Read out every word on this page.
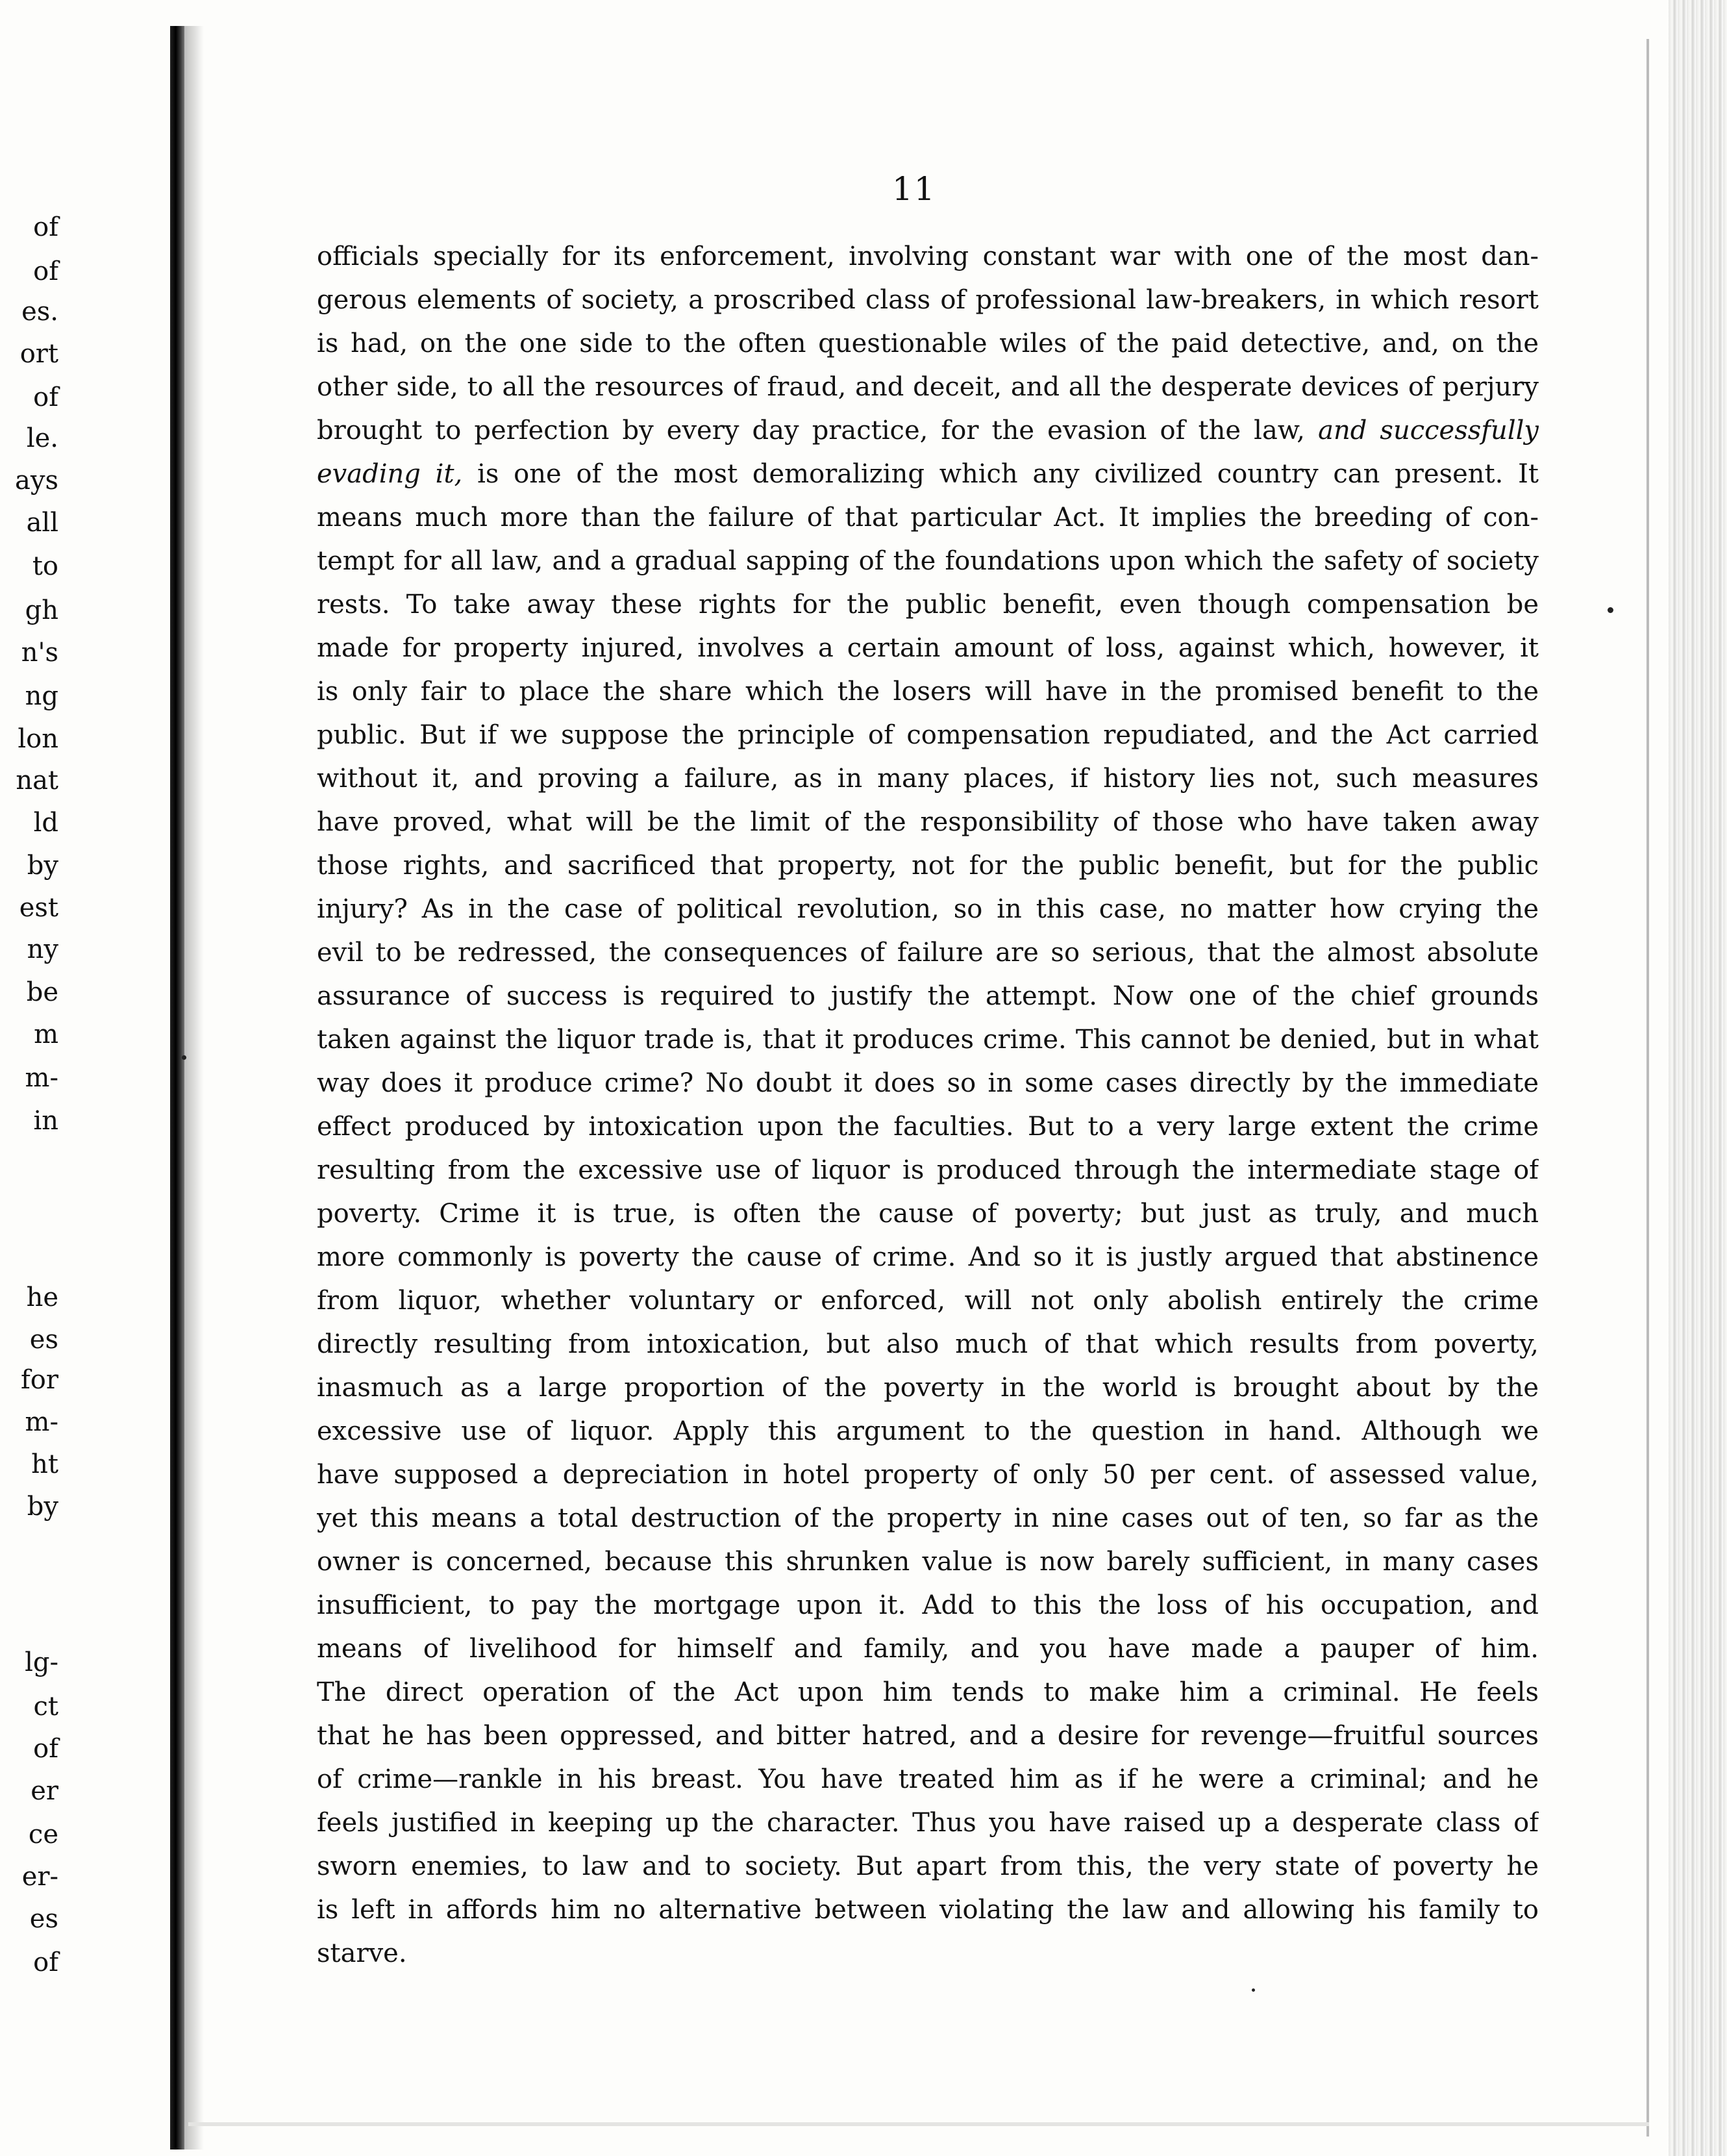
of
of
es.
ort
of
le.
ays
all
to
gh
n's
ng
lon
nat
ld
by
est
ny
be
m
m-
in
he
es
for
m-
ht
by
lg-
ct
of
er
ce
er-
es
of
11
officials specially for its enforcement, involving constant war with one of the most dan-
gerous elements of society, a proscribed class of professional law-breakers, in which resort
is had, on the one side to the often questionable wiles of the paid detective, and, on the
other side, to all the resources of fraud, and deceit, and all the desperate devices of perjury
brought to perfection by every day practice, for the evasion of the law, and successfully
evading it, is one of the most demoralizing which any civilized country can present. It
means much more than the failure of that particular Act. It implies the breeding of con-
tempt for all law, and a gradual sapping of the foundations upon which the safety of society
rests. To take away these rights for the public benefit, even though compensation be
made for property injured, involves a certain amount of loss, against which, however, it
is only fair to place the share which the losers will have in the promised benefit to the
public. But if we suppose the principle of compensation repudiated, and the Act carried
without it, and proving a failure, as in many places, if history lies not, such measures
have proved, what will be the limit of the responsibility of those who have taken away
those rights, and sacrificed that property, not for the public benefit, but for the public
injury? As in the case of political revolution, so in this case, no matter how crying the
evil to be redressed, the consequences of failure are so serious, that the almost absolute
assurance of success is required to justify the attempt. Now one of the chief grounds
taken against the liquor trade is, that it produces crime. This cannot be denied, but in what
way does it produce crime? No doubt it does so in some cases directly by the immediate
effect produced by intoxication upon the faculties. But to a very large extent the crime
resulting from the excessive use of liquor is produced through the intermediate stage of
poverty. Crime it is true, is often the cause of poverty; but just as truly, and much
more commonly is poverty the cause of crime. And so it is justly argued that abstinence
from liquor, whether voluntary or enforced, will not only abolish entirely the crime
directly resulting from intoxication, but also much of that which results from poverty,
inasmuch as a large proportion of the poverty in the world is brought about by the
excessive use of liquor. Apply this argument to the question in hand. Although we
have supposed a depreciation in hotel property of only 50 per cent. of assessed value,
yet this means a total destruction of the property in nine cases out of ten, so far as the
owner is concerned, because this shrunken value is now barely sufficient, in many cases
insufficient, to pay the mortgage upon it. Add to this the loss of his occupation, and
means of livelihood for himself and family, and you have made a pauper of him.
The direct operation of the Act upon him tends to make him a criminal. He feels
that he has been oppressed, and bitter hatred, and a desire for revenge—fruitful sources
of crime—rankle in his breast. You have treated him as if he were a criminal; and he
feels justified in keeping up the character. Thus you have raised up a desperate class of
sworn enemies, to law and to society. But apart from this, the very state of poverty he
is left in affords him no alternative between violating the law and allowing his family to
starve.
